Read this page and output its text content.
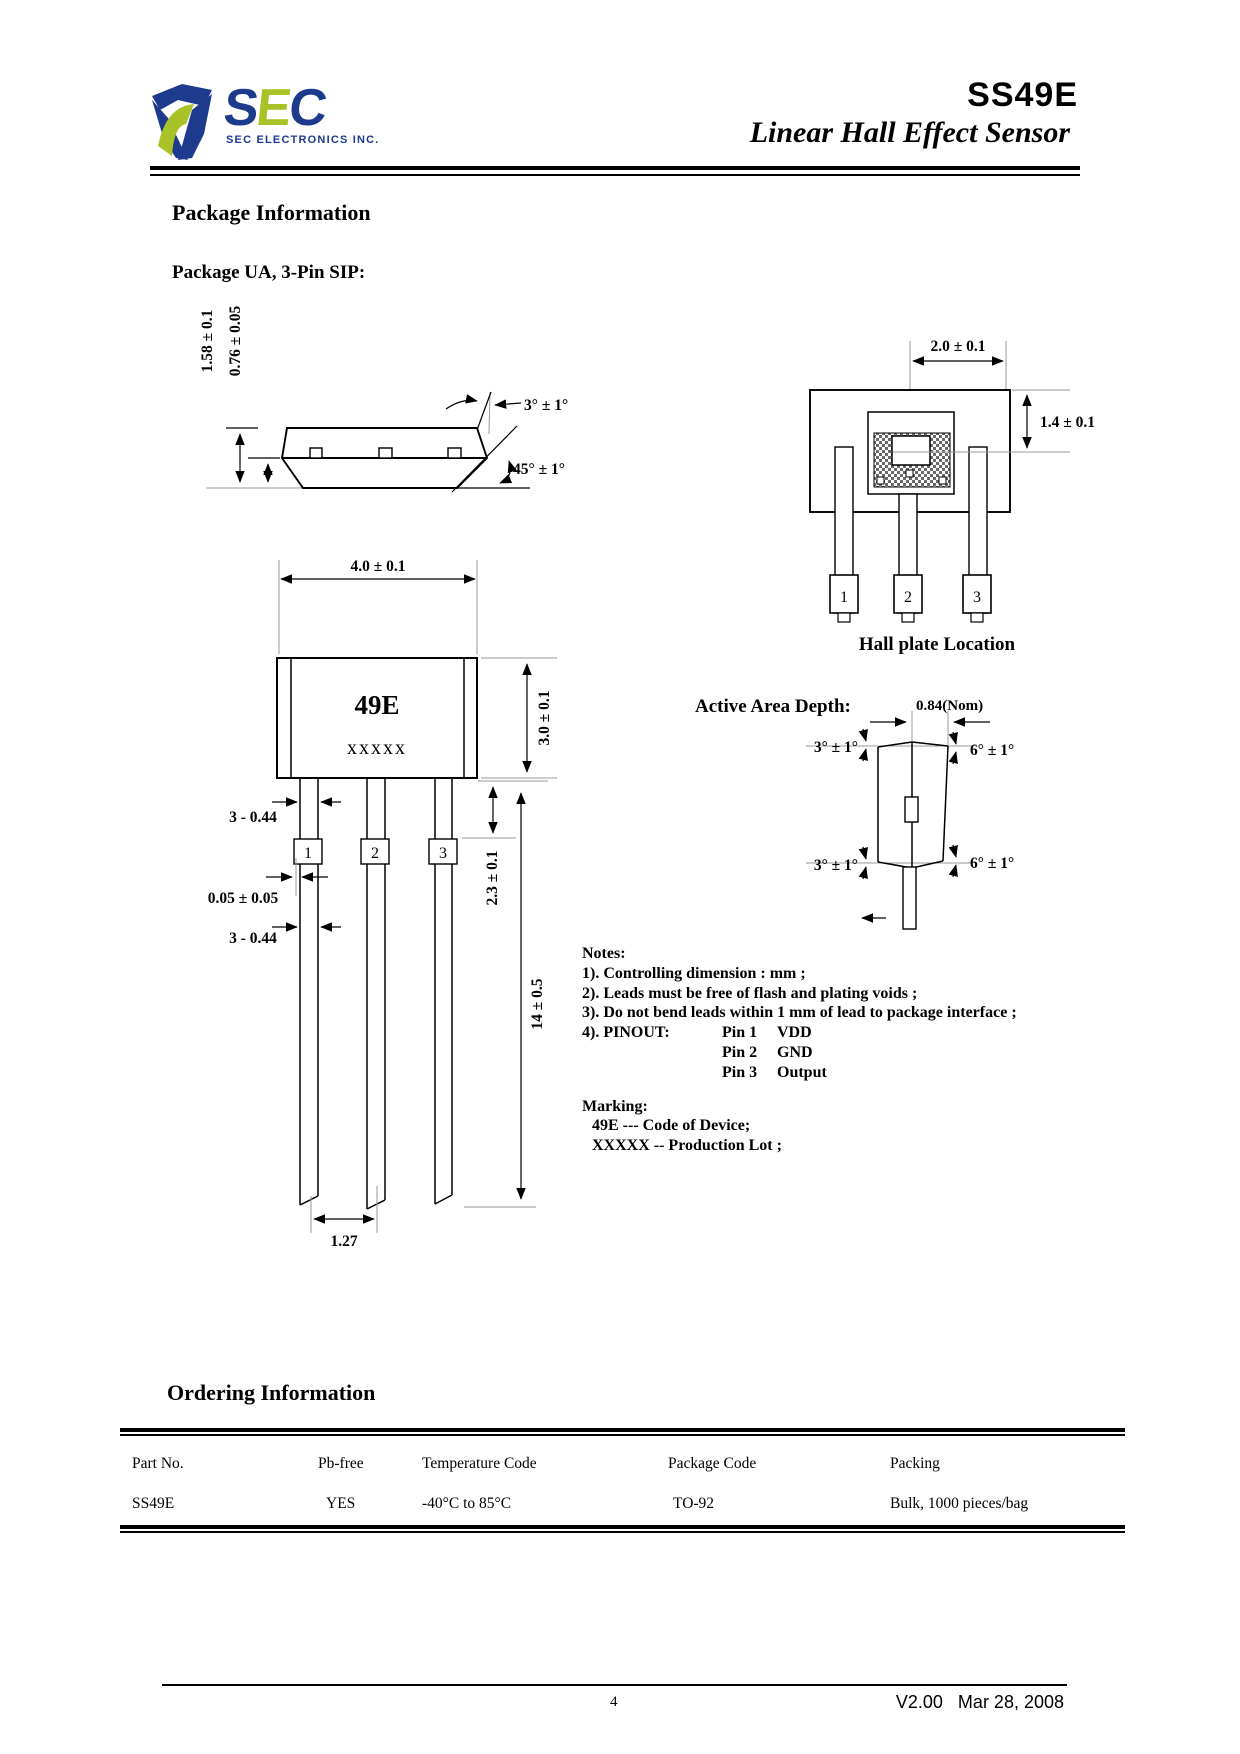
SEC
SEC ELECTRONICS INC.
SS49E
Linear Hall Effect Sensor
Package Information
Package UA, 3-Pin SIP:
1.58 ± 0.1 0.76 ± 0.05
3° ± 1°
45° ± 1°
4.0 ± 0.1
49E
xxxxx
3.0 ± 0.1
1	2	3
3 - 0.44
0.05 ± 0.05
3 - 0.44
2.3 ± 0.1
14 ± 0.5
1.27
2.0 ± 0.1
1.4 ± 0.1
1	2	3
Hall plate Location
Active Area Depth:	0.84(Nom)
3° ± 1°	6° ± 1°
3° ± 1°	6° ± 1°
Notes:
1). Controlling dimension : mm ;
2). Leads must be free of flash and plating voids ;
3). Do not bend leads within 1 mm of lead to package interface ;
4). PINOUT:	Pin 1	VDD
Pin 2	GND
Pin 3	Output
Marking:
49E --- Code of Device;
XXXXX -- Production Lot ;
Ordering Information
Part No.	Pb-free	Temperature Code	Package Code	Packing
SS49E	YES	-40°C to 85°C	TO-92	Bulk, 1000 pieces/bag
4	V2.00   Mar 28, 2008
